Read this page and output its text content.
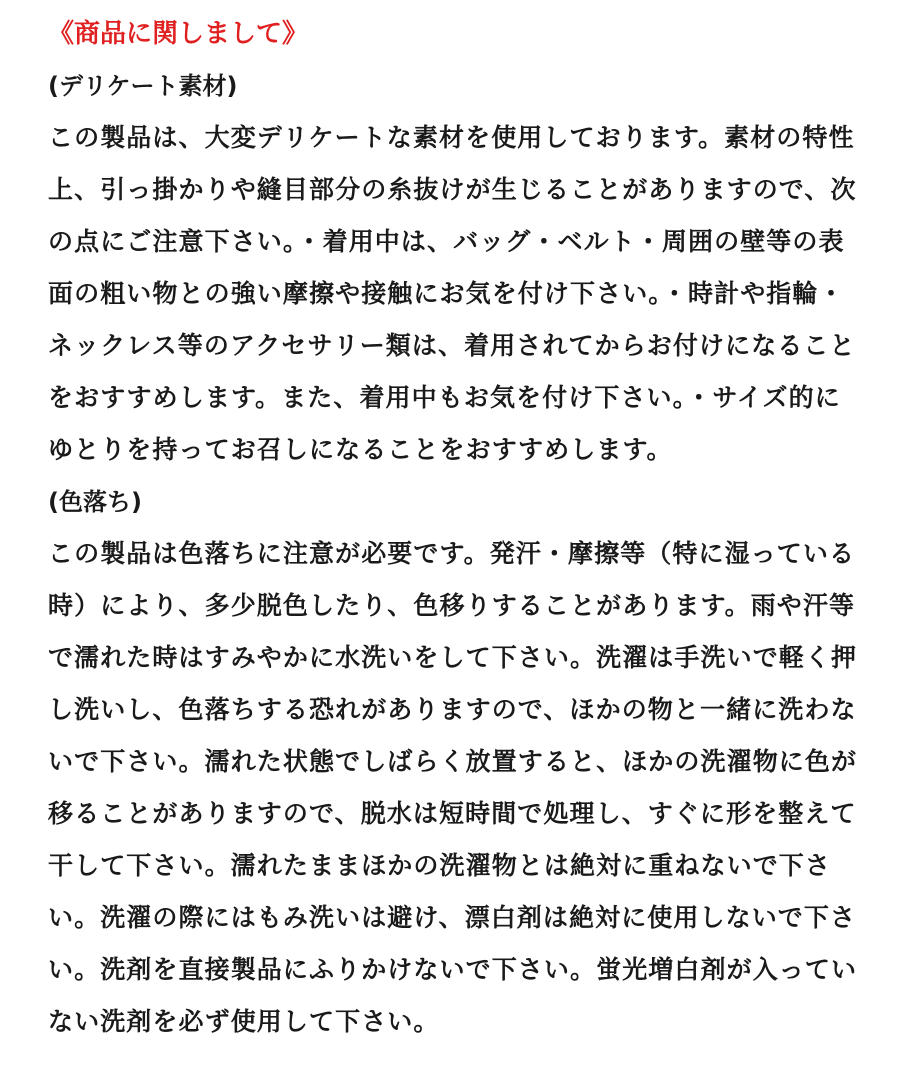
《商品に関しまして》
(デリケート素材)
この製品は、大変デリケートな素材を使用しております。素材の特性
上、引っ掛かりや縫目部分の糸抜けが生じることがありますので、次
の点にご注意下さい。・着用中は、バッグ・ベルト・周囲の壁等の表
面の粗い物との強い摩擦や接触にお気を付け下さい。・時計や指輪・
ネックレス等のアクセサリー類は、着用されてからお付けになること
をおすすめします。また、着用中もお気を付け下さい。・サイズ的に
ゆとりを持ってお召しになることをおすすめします。
(色落ち)
この製品は色落ちに注意が必要です。発汗・摩擦等（特に湿っている
時）により、多少脱色したり、色移りすることがあります。雨や汗等
で濡れた時はすみやかに水洗いをして下さい。洗濯は手洗いで軽く押
し洗いし、色落ちする恐れがありますので、ほかの物と一緒に洗わな
いで下さい。濡れた状態でしばらく放置すると、ほかの洗濯物に色が
移ることがありますので、脱水は短時間で処理し、すぐに形を整えて
干して下さい。濡れたままほかの洗濯物とは絶対に重ねないで下さ
い。洗濯の際にはもみ洗いは避け、漂白剤は絶対に使用しないで下さ
い。洗剤を直接製品にふりかけないで下さい。蛍光増白剤が入ってい
ない洗剤を必ず使用して下さい。
